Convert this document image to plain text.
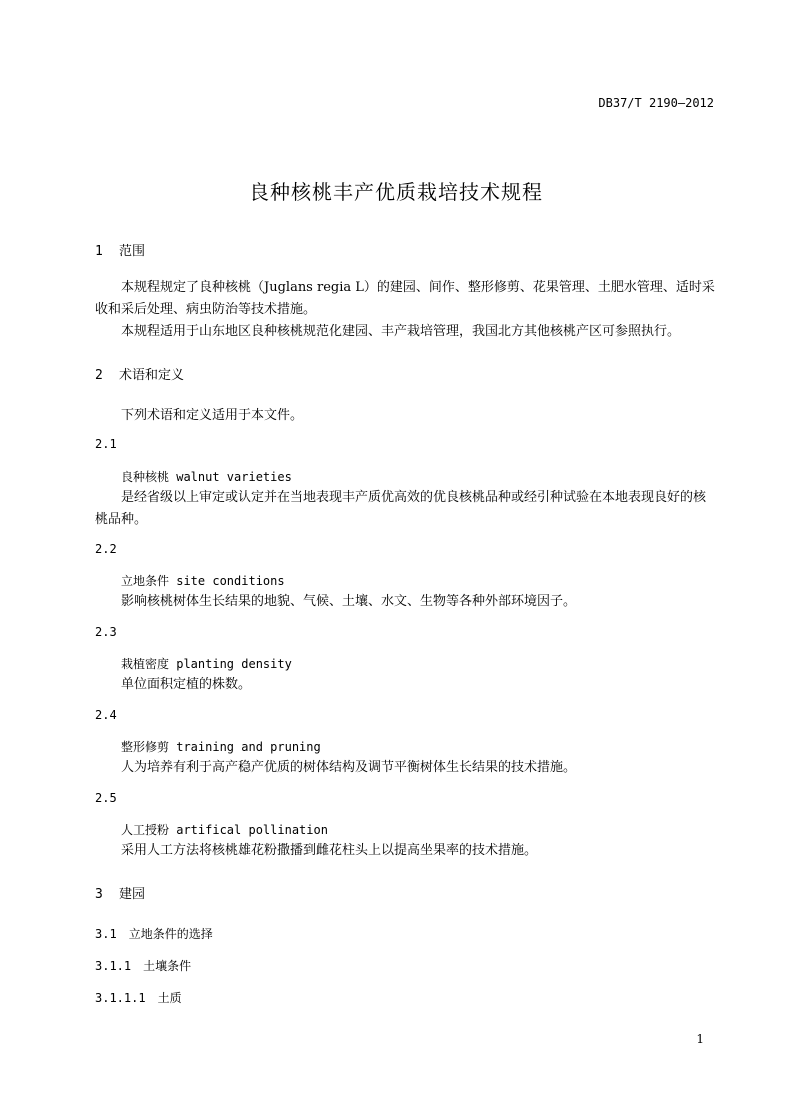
DB37/T 2190—2012
良种核桃丰产优质栽培技术规程
1 范围
本规程规定了良种核桃（Juglans regia L）的建园、间作、整形修剪、花果管理、土肥水管理、适时采收和采后处理、病虫防治等技术措施。
本规程适用于山东地区良种核桃规范化建园、丰产栽培管理，我国北方其他核桃产区可参照执行。
2 术语和定义
下列术语和定义适用于本文件。
2.1
良种核桃 walnut varieties
是经省级以上审定或认定并在当地表现丰产质优高效的优良核桃品种或经引种试验在本地表现良好的核桃品种。
2.2
立地条件 site conditions
影响核桃树体生长结果的地貌、气候、土壤、水文、生物等各种外部环境因子。
2.3
栽植密度 planting density
单位面积定植的株数。
2.4
整形修剪 training and pruning
人为培养有利于高产稳产优质的树体结构及调节平衡树体生长结果的技术措施。
2.5
人工授粉 artifical pollination
采用人工方法将核桃雄花粉撒播到雌花柱头上以提高坐果率的技术措施。
3 建园
3.1 立地条件的选择
3.1.1 土壤条件
3.1.1.1 土质
1
